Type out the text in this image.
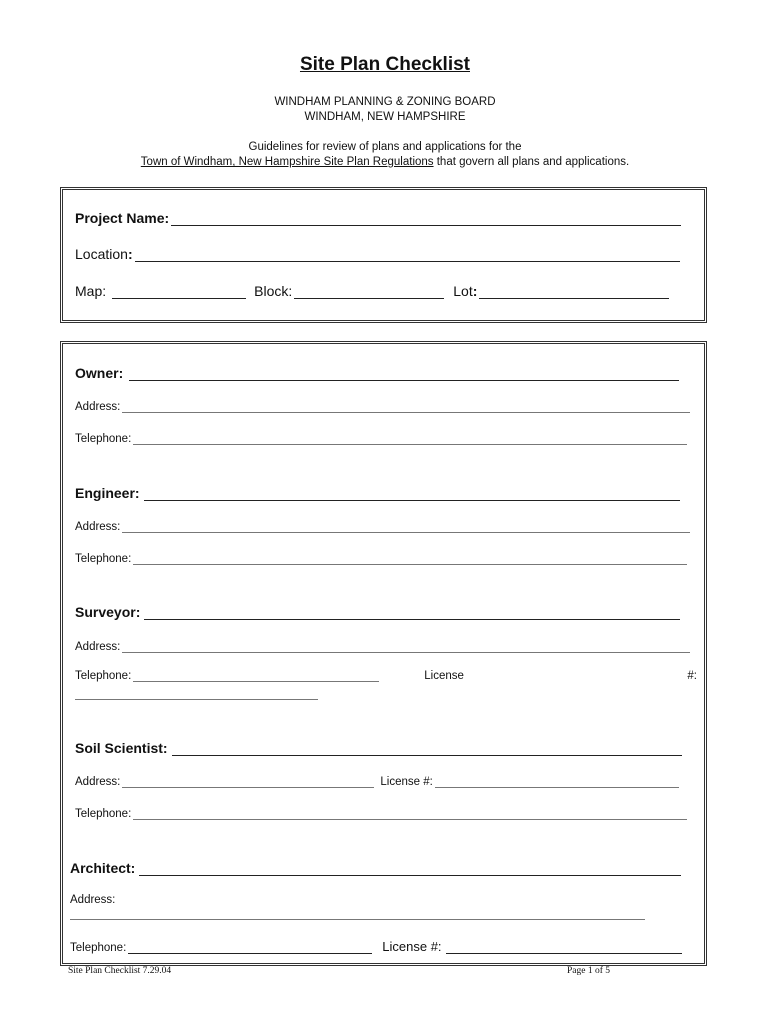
Site Plan Checklist
WINDHAM PLANNING & ZONING BOARD
WINDHAM, NEW HAMPSHIRE
Guidelines for review of plans and applications for the
Town of Windham, New Hampshire Site Plan Regulations that govern all plans and applications.
Project Name:
Location:
Map:	Block:	Lot:
Owner:
Address:
Telephone:
Engineer:
Address:
Telephone:
Surveyor:
Address:
Telephone:	License	#:
Soil Scientist:
Address:	License #:
Telephone:
Architect:
Address:
Telephone:	License #:
Site Plan Checklist 7.29.04	Page 1 of 5
